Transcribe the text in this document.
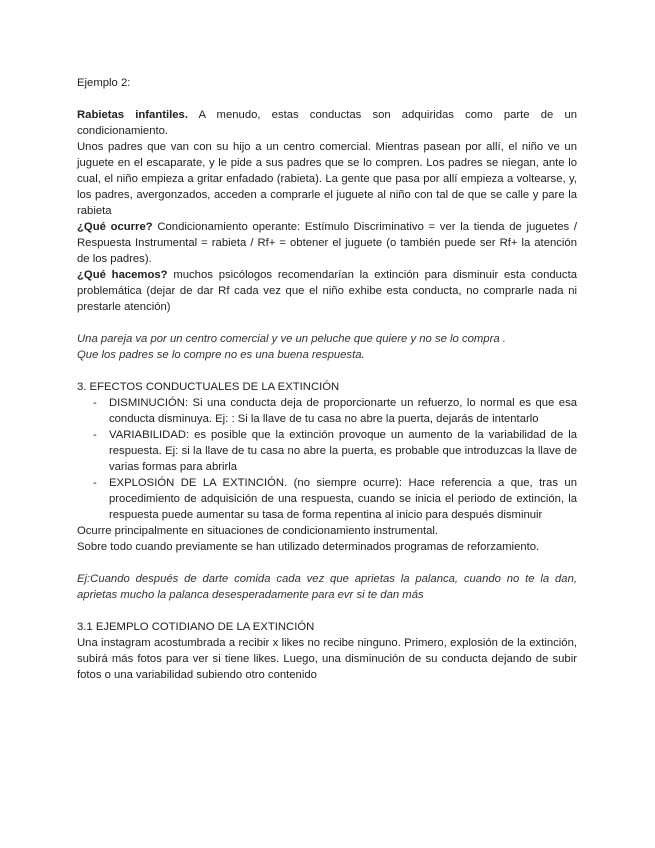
Ejemplo 2:

Rabietas infantiles. A menudo, estas conductas son adquiridas como parte de un condicionamiento.

Unos padres que van con su hijo a un centro comercial. Mientras pasean por allí, el niño ve un juguete en el escaparate, y le pide a sus padres que se lo compren. Los padres se niegan, ante lo cual, el niño empieza a gritar enfadado (rabieta). La gente que pasa por allí empieza a voltearse, y, los padres, avergonzados, acceden a comprarle el juguete al niño con tal de que se calle y pare la rabieta

¿Qué ocurre? Condicionamiento operante: Estímulo Discriminativo = ver la tienda de juguetes / Respuesta Instrumental = rabieta / Rf+ = obtener el juguete (o también puede ser Rf+ la atención de los padres).

¿Qué hacemos? muchos psicólogos recomendarían la extinción para disminuir esta conducta problemática (dejar de dar Rf cada vez que el niño exhibe esta conducta, no comprarle nada ni prestarle atención)

Una pareja va por un centro comercial y ve un peluche que quiere y no se lo compra .

Que los padres se lo compre no es una buena respuesta.

3. EFECTOS CONDUCTUALES DE LA EXTINCIÓN

- DISMINUCIÓN: Si una conducta deja de proporcionarte un refuerzo, lo normal es que esa conducta disminuya. Ej: : Si la llave de tu casa no abre la puerta, dejarás de intentarlo
- VARIABILIDAD: es posible que la extinción provoque un aumento de la variabilidad de la respuesta. Ej: si la llave de tu casa no abre la puerta, es probable que introduzcas la llave de varias formas para abrirla
- EXPLOSIÓN DE LA EXTINCIÓN. (no siempre ocurre): Hace referencia a que, tras un procedimiento de adquisición de una respuesta, cuando se inicia el periodo de extinción, la respuesta puede aumentar su tasa de forma repentina al inicio para después disminuir

Ocurre principalmente en situaciones de condicionamiento instrumental.

Sobre todo cuando previamente se han utilizado determinados programas de reforzamiento.

Ej:Cuando después de darte comida cada vez que aprietas la palanca, cuando no te la dan, aprietas mucho la palanca desesperadamente para evr si te dan más

3.1 EJEMPLO COTIDIANO DE LA EXTINCIÓN

Una instagram acostumbrada a recibir x likes no recibe ninguno. Primero, explosión de la extinción, subirá más fotos para ver si tiene likes. Luego, una disminución de su conducta dejando de subir fotos o una variabilidad subiendo otro contenido
